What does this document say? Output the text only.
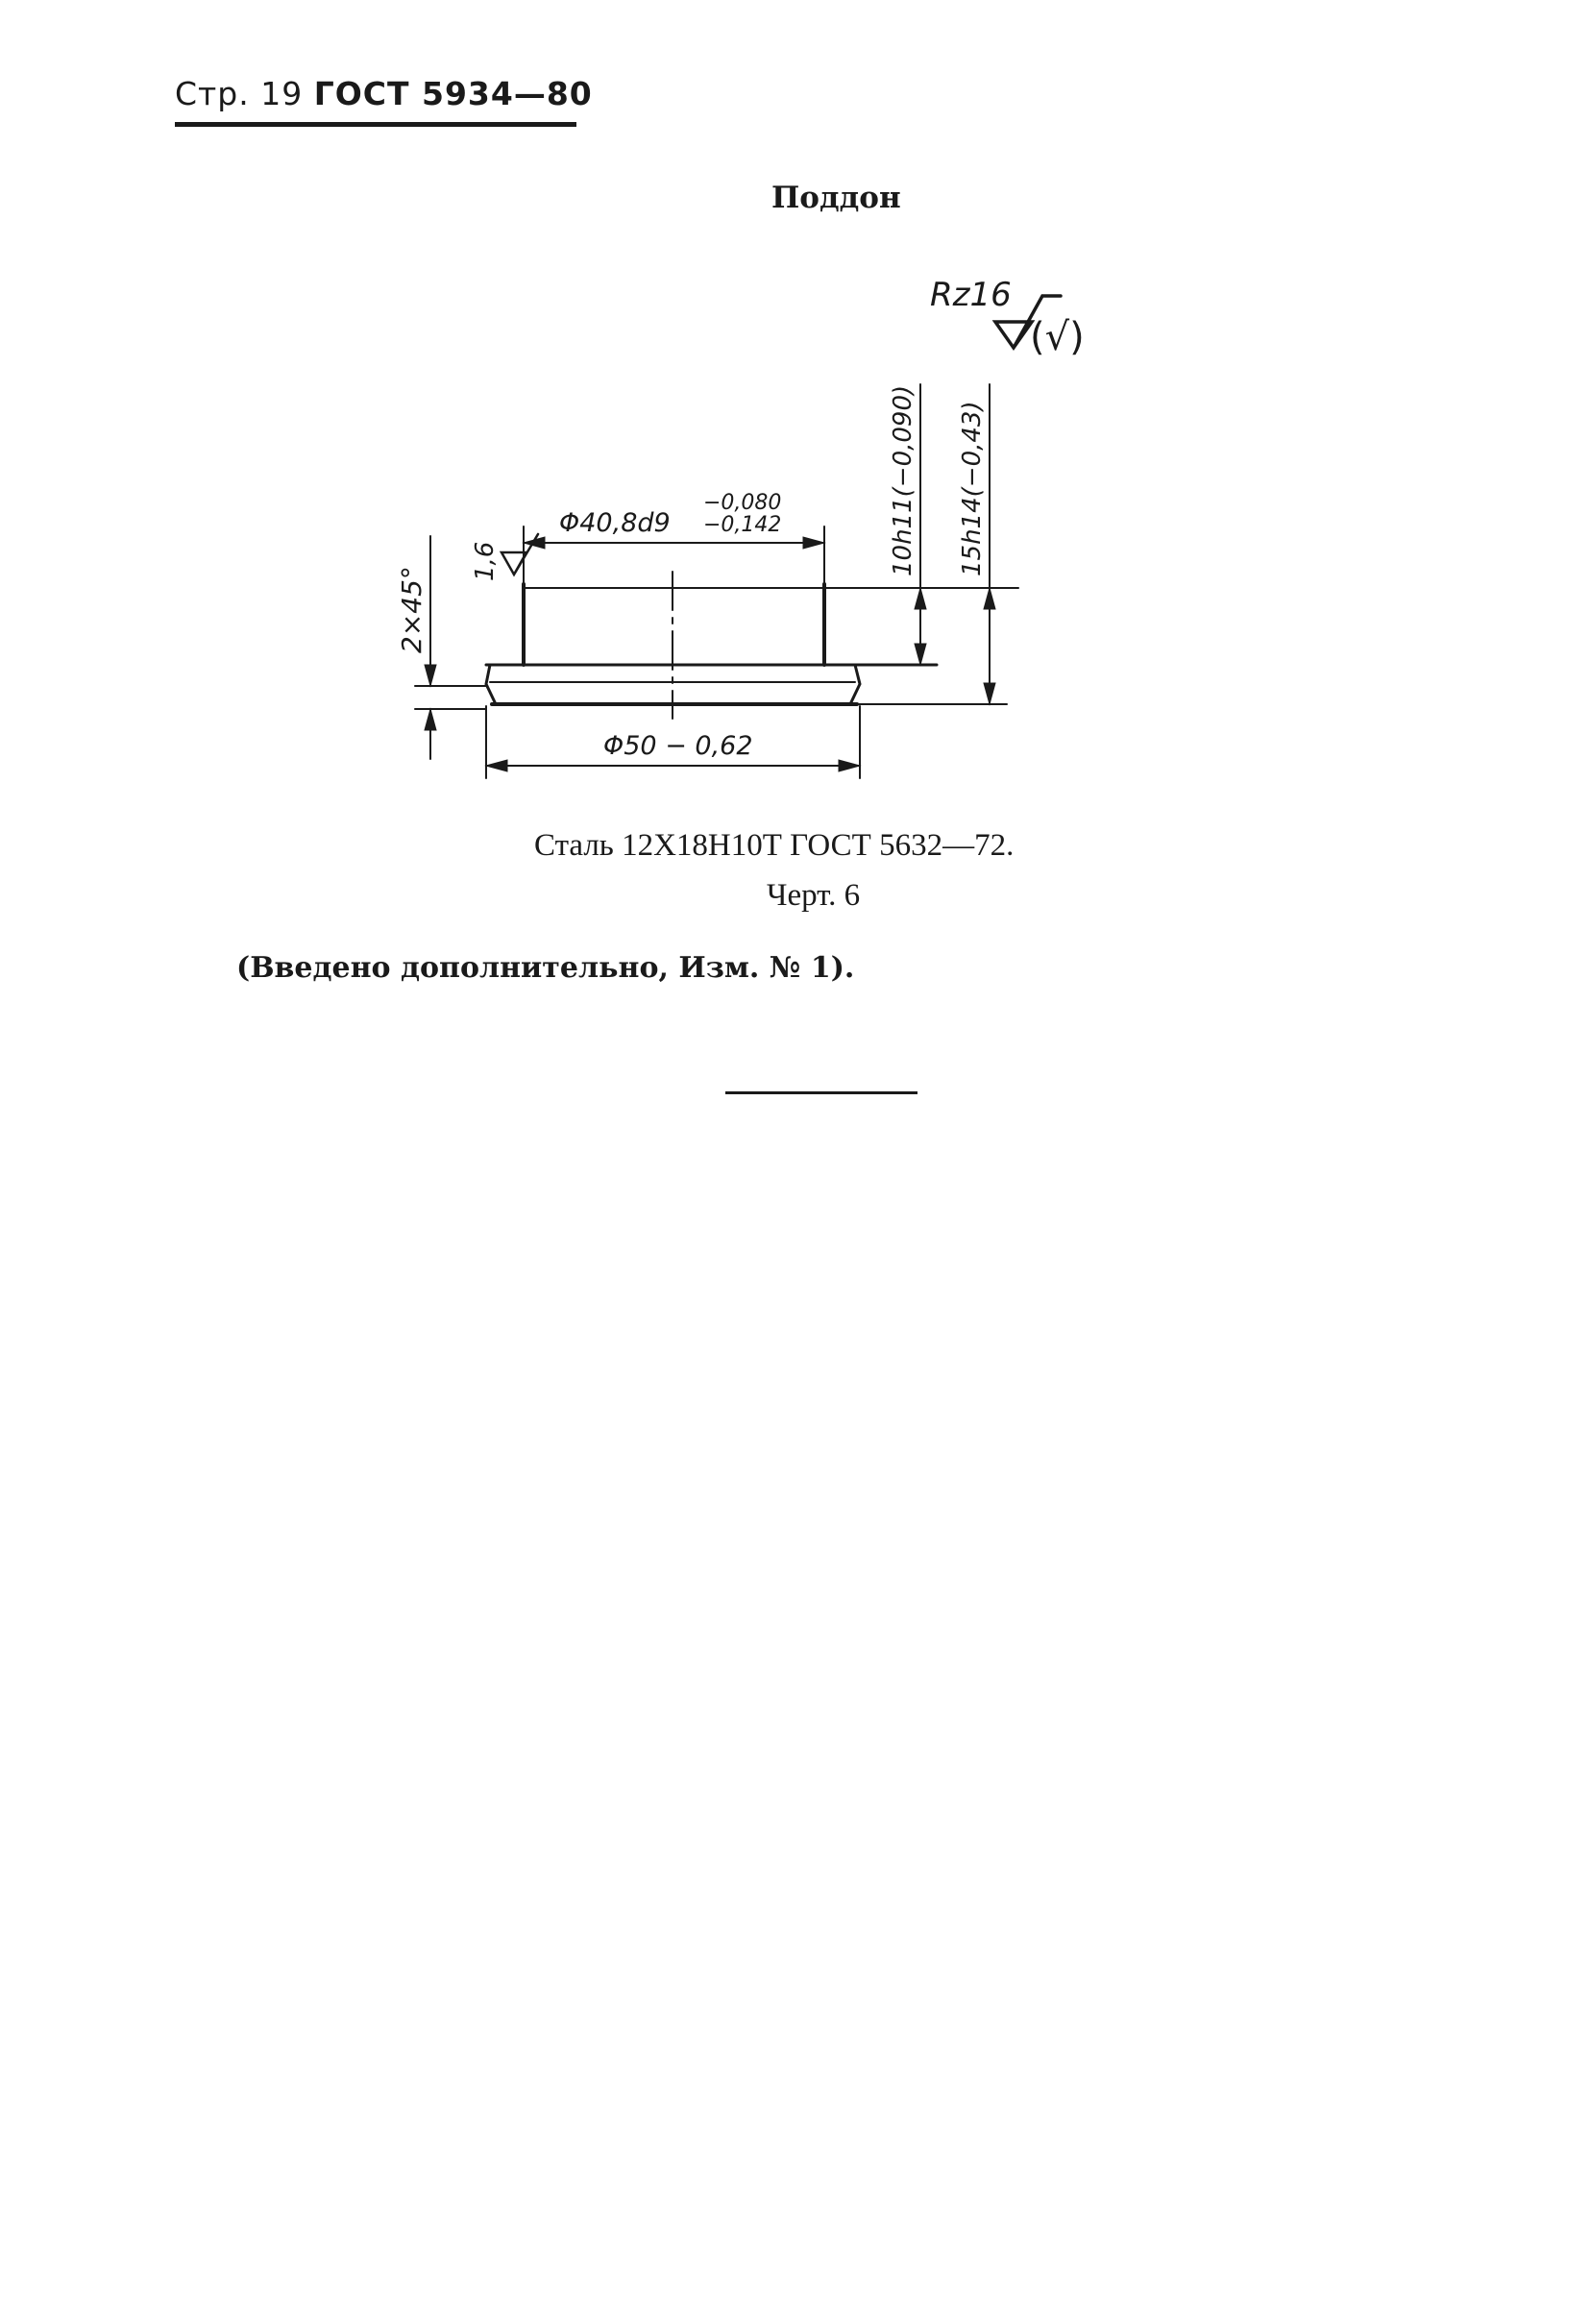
Стр. 19 ГОСТ 5934—80
Поддон
Rz16
(√)
1,6
2×45°
Φ40,8d9
−0,080
−0,142	10h11(−0,090) 15h14(−0,43)
Φ50 − 0,62
Сталь 12Х18Н10Т ГОСТ 5632—72.
Черт. 6
(Введено дополнительно, Изм. № 1).
